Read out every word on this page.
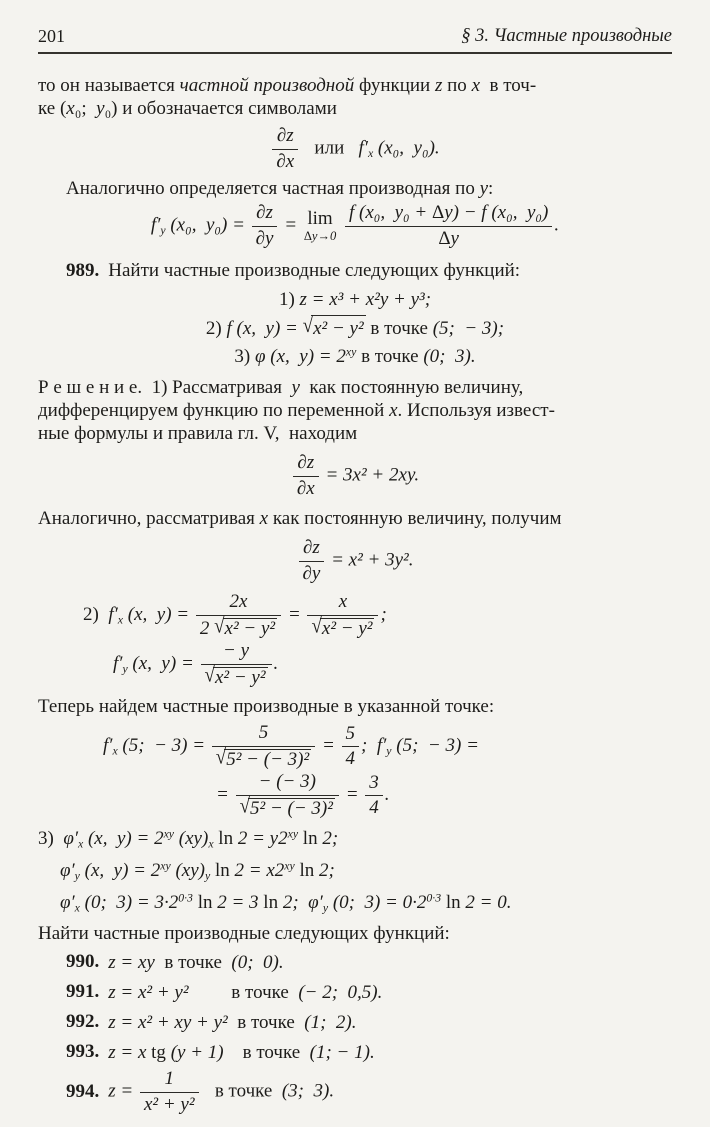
201	§ 3. Частные производные
то он называется частной производной функции z по x  в точ-
ке (x₀;  y₀) и обозначается символами
$\frac{\partial z}{\partial x}$ или   $f'_x$ (x₀,  y₀).
Аналогично определяется частная производная по y:
$f'_y$ (x₀,  $y_0) = \frac{\partial z}{\partial y} = \lim$
Δy→0
$\frac{\text{f (x₀,  y₀ + Δy) − f (x₀,  y₀)}}{\Delta y}$ .
989. Найти частные производные следующих функций:
1) z = x³ + x²y + y³;
2) f (x,  y) = √x² − y² в точке (5;  − 3);
3) φ (x,  $y) = 2^{xy}$ в точке (0;  3).
Р е ш е н и е.  1) Рассматривая  y  как постоянную величину,
дифференцируем функцию по переменной x. Используя извест-
ные формулы и правила гл. V,  находим
$\frac{\partial z}{\partial x} = 3x^2 + 2xy$.
Аналогично, рассматривая x как постоянную величину, получим
$\frac{\partial z}{\partial y} = x^2 + 3y^2$.
2)  $f'_x$ (x,  $y) = \frac{2x}{\text{2 √x² − y²}} = \frac{x}{\text{√x² − y²}}$ ;
$f'_y$ (x,  $y) = \frac{- y}{\text{√x² − y²}}$ .
Теперь найдем частные производные в указанной точке:
$f'_x$ (5;  − $3) = \frac{5}{\text{√5² − (− 3)²}} = \frac{5}{4}$ ;  $f'_y$ (5;  − 3) =
= $\frac{- (- 3)}{\text{√5² − (− 3)²}} = \frac{3}{4}$ .
3)  $\varphi'_x$ (x,  $y) = 2^{xy}$ $(xy)_x$ $\ln 2 = y2^{xy}$ ln 2;
$\varphi'_y$ (x,  $y) = 2^{xy}$ $(xy)_y$ $\ln 2 = x2^{xy}$ ln 2;
$\varphi'_x$ (0;  $3) = 3\cdot 2^{0\cdot 3}$ ln 2 = 3 ln 2;  $\varphi'_y$ (0;  $3) = 0\cdot 2^{0\cdot 3}$ ln 2 = 0.
Найти частные производные следующих функций:
990. z = xy  в точке  (0;  0).
991. z = x² + y²         в точке  (− 2;  0,5).
992. z = x² + xy + y²  в точке  (1;  2).
993. z = x tg (y + 1)    в точке  (1; − 1).
994. $z = \frac{1}{\text{x² + y²}}$ в точке  (3;  3).
